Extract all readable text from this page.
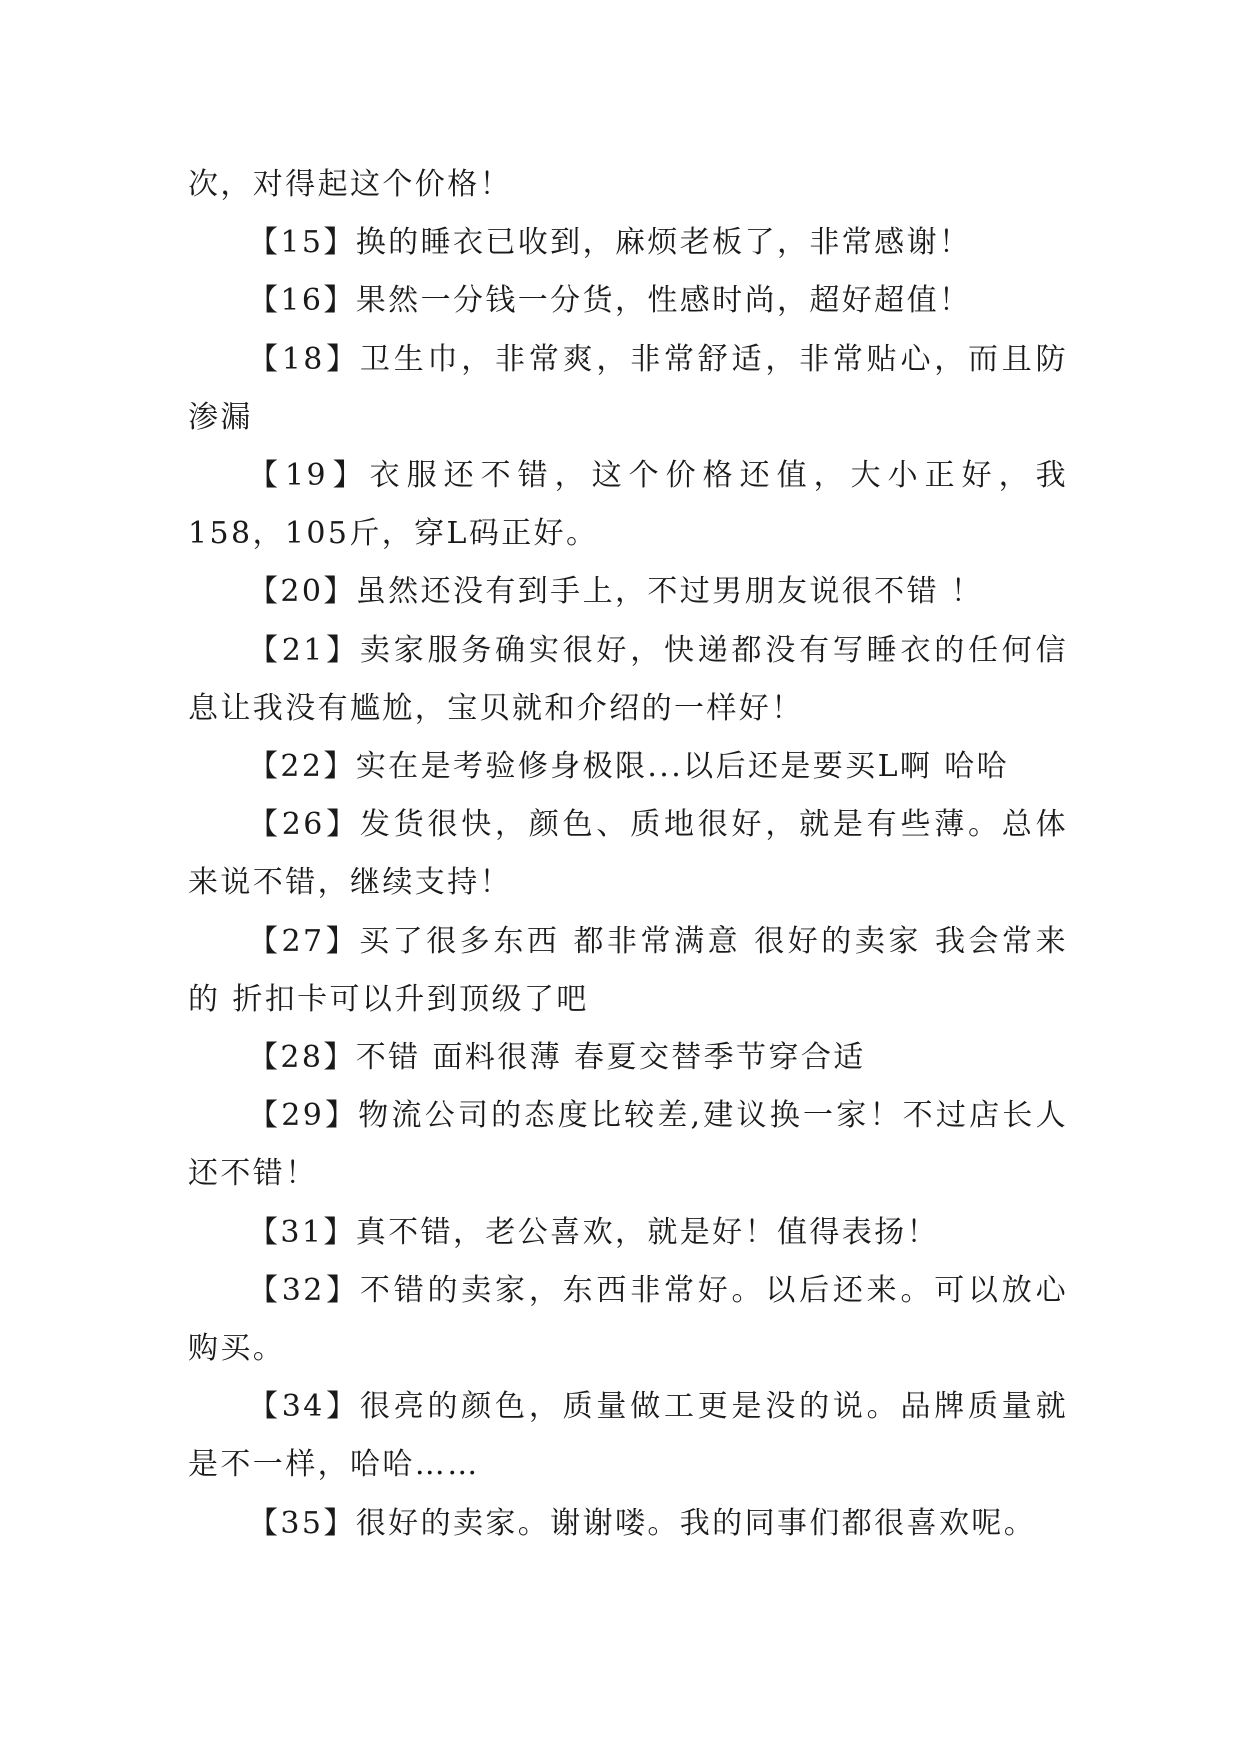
次，对得起这个价格！

【15】换的睡衣已收到，麻烦老板了，非常感谢！

【16】果然一分钱一分货，性感时尚，超好超值！

【18】卫生巾，非常爽，非常舒适，非常贴心，而且防渗漏

【19】衣服还不错，这个价格还值，大小正好，我158，105斤，穿L码正好。

【20】虽然还没有到手上，不过男朋友说很不错 ！

【21】卖家服务确实很好，快递都没有写睡衣的任何信息让我没有尴尬，宝贝就和介绍的一样好！

【22】实在是考验修身极限...以后还是要买L啊 哈哈

【26】发货很快，颜色、质地很好，就是有些薄。总体来说不错，继续支持！

【27】买了很多东西 都非常满意 很好的卖家 我会常来的 折扣卡可以升到顶级了吧

【28】不错 面料很薄 春夏交替季节穿合适

【29】物流公司的态度比较差,建议换一家！不过店长人还不错！

【31】真不错，老公喜欢，就是好！值得表扬！

【32】不错的卖家，东西非常好。以后还来。可以放心购买。

【34】很亮的颜色，质量做工更是没的说。品牌质量就是不一样，哈哈……

【35】很好的卖家。谢谢喽。我的同事们都很喜欢呢。
